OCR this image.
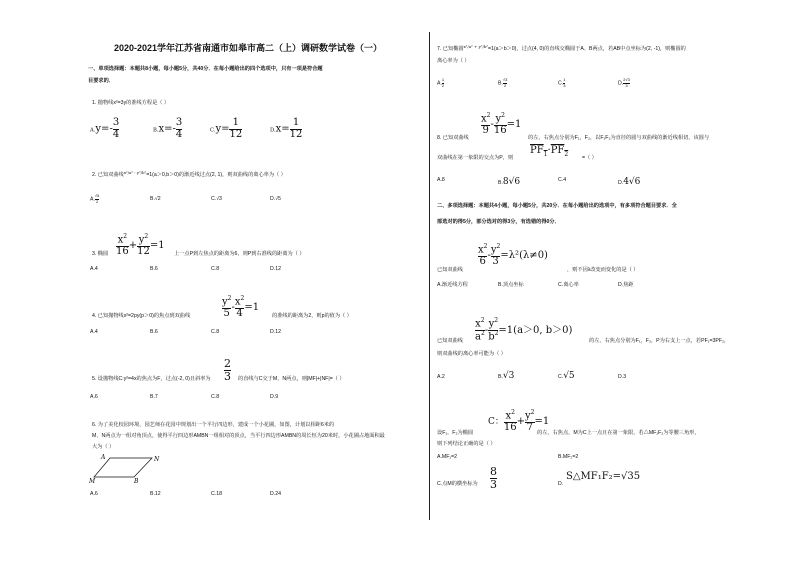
2020-2021学年江苏省南通市如皋市高二（上）调研数学试卷（一）
一、单项选择题：本题共8小题，每小题5分，共40分．在每小题给出的四个选项中，只有一项是符合题
目要求的．
1. 抛物线x²=3y的准线方程是（ ）
$A.y=- \frac{3}{4}$	$B.x=- \frac{3}{4}$	$C.y= \frac{1}{12}$	$D.x= \frac{1}{12}$
2. 已知双曲线$^{x^2/a^2 - y^2/b^2}$=1(a＞0,b＞0)的渐近线过点(2, 1)，则双曲线的离心率为（ ）
A. $\frac{√5}{2}$	B.√2	C.√3	D.√5
3. 椭圆 $\frac{x^2}{16} + \frac{y^2}{12} =1$
上一点P到左焦点的距离为6，则P到右准线的距离为（ ）
A.4	B.6	C.8	D.12
4. 已知抛物线x²=2py(p＞0)的焦点到双曲线	$\frac{y^2}{5} - \frac{x^2}{4} =1$
的准线的距离为2，则p的值为（ ）
A.4	B.6	C.8	D.12
$\frac{2}{3}$
5. 设抛物线C:y²=4x的焦点为F，过点(-2, 0)且斜率为	的直线与C交于M，N两点，则|MF|+|NF|=（ ）
A.6	B.7	C.8	D.9
6. 为了美化校园环境，园艺师在花园中规划出一个平行四边形，建成一个小花圃，如图，计划以相距6米的
M、N两点为一组对角顶点，使得平行四边形AMBN一组相对的顶点，当平行四边形AMBN的周长恒为20米时，小花圃占地面积最
大为（ ）
A	N
M	B
A.6	B.12	C.18	D.24
7. 已知椭圆$^{x^2/a^2 + y^2/b^2}$=1(a＞b＞0)，过点(4, 0)的直线交椭圆于A、B两点，若AB中点坐标为(2, -1)，则椭圆的
离心率为（ ）
A. $\frac{1}{2}$	B. $\frac{√3}{2}$	C. $\frac{1}{3}$	D. $\frac{2√3}{3}$
$\frac{x^2}{9} - \frac{y^2}{16} =1$
8. 已知双曲线	的左、右焦点分别为F₁，F₂，以F₁F₂为直径的圆与双曲线的渐近线相切，该圆与
双曲线在第一象限的交点为P，则
$PF_1\cdot PF_2$	=（ ）
A.8	B.8√6	C.4	D.4√6
二、多项选择题：本题共4小题，每小题5分，共20分．在每小题给出的选项中，有多项符合题目要求．全
部选对的得5分，部分选对的得3分，有选错的得0分．
$\frac{x^2}{6} - \frac{y^2}{3} =\lambda^2(\lambda\ne 0)$
已知双曲线	，则不因λ改变而变化的是（ ）
A.渐近线方程	B.顶点坐标	C.离心率	D.焦距
$\frac{x^2}{a^2} - \frac{y^2}{b^2} =1(a>0$, b＞0)
已知双曲线	的左、右焦点分别为F₁，F₂，P为右支上一点，若PF₁=3PF₂，
则双曲线的离心率可能为（ ）
A.2	B.√3	C.√5	D.3
C： $\frac{x^2}{16} + \frac{y^2}{7} =1$
设F₁，F₂为椭圆	的左，右焦点，M为C上一点且在第一象限，若△MF₁F₂为等腰三角形，
则下列结论正确的是（ ）
A.MF₁=2	B.MF₂=2
C.点M的横坐标为 $\frac{8}{3}$	D.
S△MF₁F₂=√35
